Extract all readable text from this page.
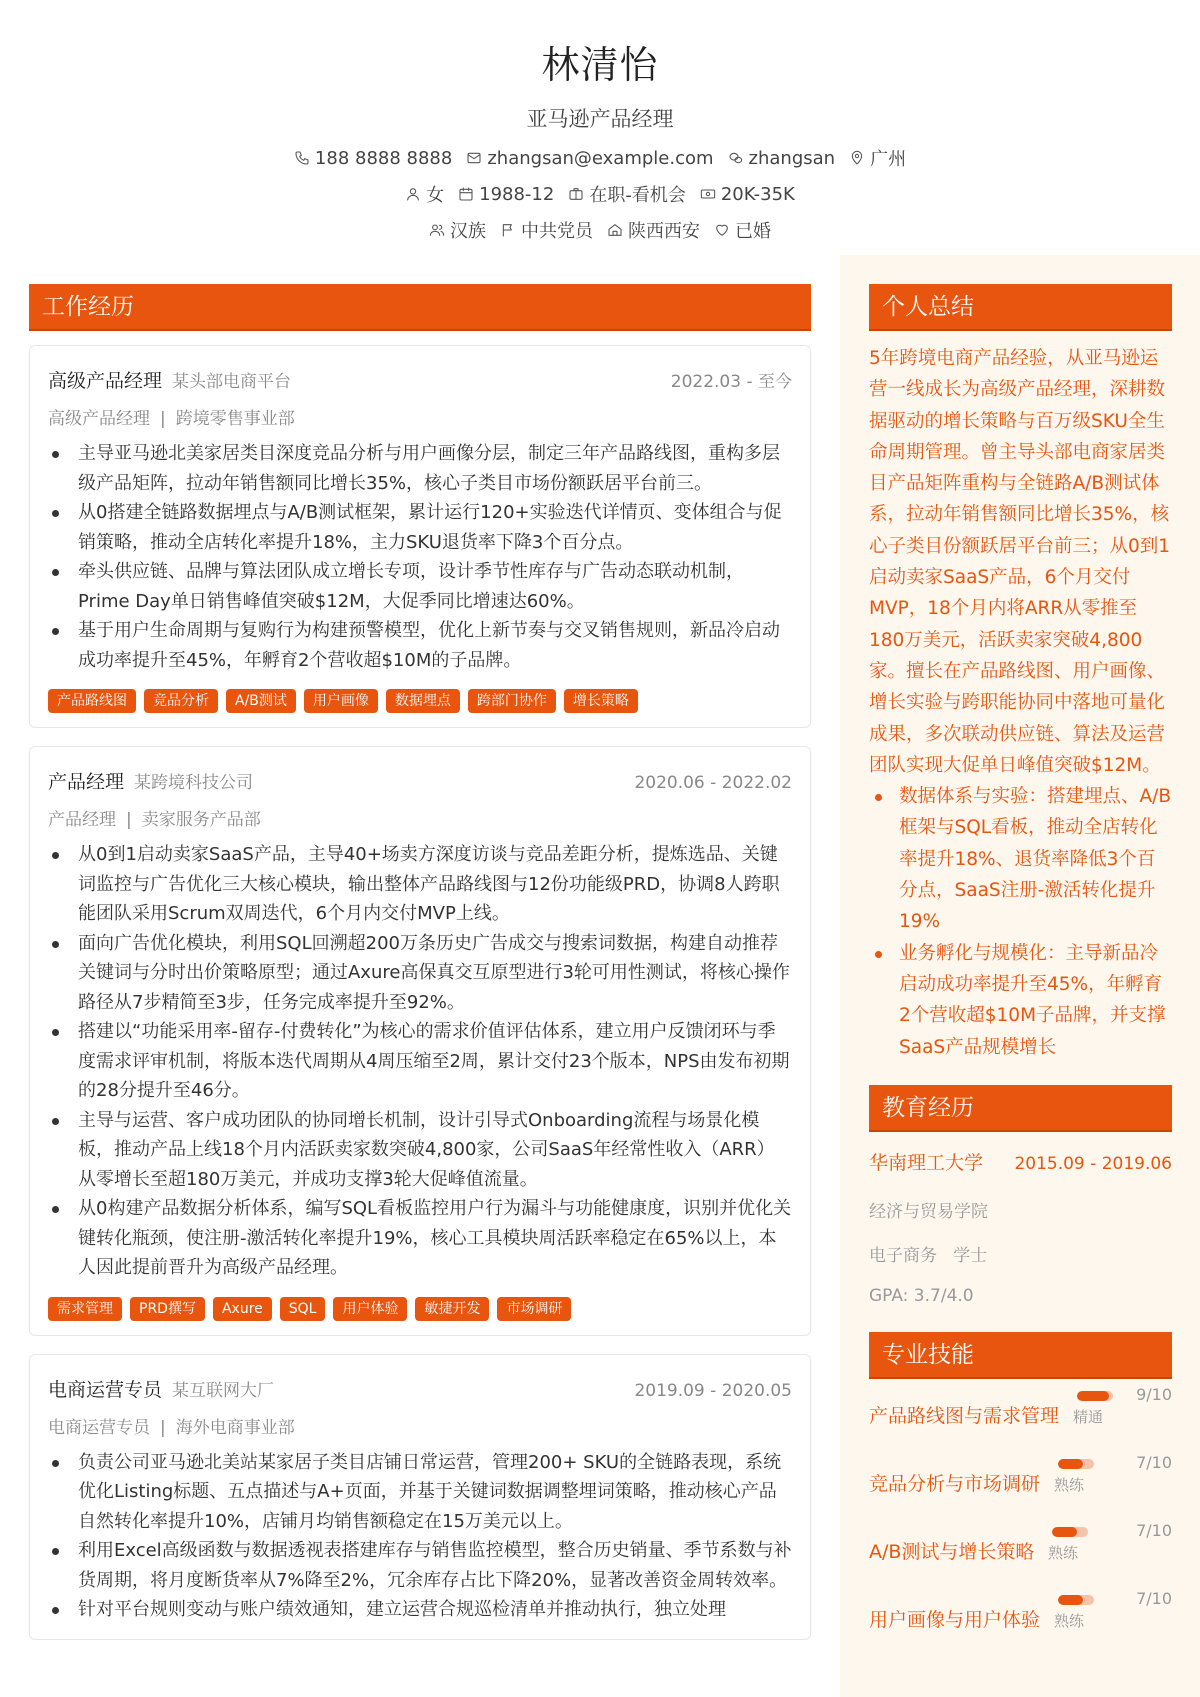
林清怡
亚马逊产品经理
188 8888 8888 zhangsan@example.com zhangsan 广州
女 1988-12 在职-看机会 20K-35K
汉族 中共党员 陕西西安 已婚
工作经历
高级产品经理 某头部电商平台	2022.03 - 至今
高级产品经理 | 跨境零售事业部
主导亚马逊北美家居类目深度竞品分析与用户画像分层，制定三年产品路线图，重构多层级产品矩阵，拉动年销售额同比增长35%，核心子类目市场份额跃居平台前三。
从0搭建全链路数据埋点与A/B测试框架，累计运行120+实验迭代详情页、变体组合与促销策略，推动全店转化率提升18%，主力SKU退货率下降3个百分点。
牵头供应链、品牌与算法团队成立增长专项，设计季节性库存与广告动态联动机制，Prime Day单日销售峰值突破$12M，大促季同比增速达60%。
基于用户生命周期与复购行为构建预警模型，优化上新节奏与交叉销售规则，新品冷启动成功率提升至45%，年孵育2个营收超$10M的子品牌。
产品路线图	竞品分析	A/B测试	用户画像	数据埋点	跨部门协作	增长策略
产品经理 某跨境科技公司	2020.06 - 2022.02
产品经理 | 卖家服务产品部
从0到1启动卖家SaaS产品，主导40+场卖方深度访谈与竞品差距分析，提炼选品、关键词监控与广告优化三大核心模块，输出整体产品路线图与12份功能级PRD，协调8人跨职能团队采用Scrum双周迭代，6个月内交付MVP上线。
面向广告优化模块，利用SQL回溯超200万条历史广告成交与搜索词数据，构建自动推荐关键词与分时出价策略原型；通过Axure高保真交互原型进行3轮可用性测试，将核心操作路径从7步精简至3步，任务完成率提升至92%。
搭建以“功能采用率-留存-付费转化”为核心的需求价值评估体系，建立用户反馈闭环与季度需求评审机制，将版本迭代周期从4周压缩至2周，累计交付23个版本，NPS由发布初期的28分提升至46分。
主导与运营、客户成功团队的协同增长机制，设计引导式Onboarding流程与场景化模板，推动产品上线18个月内活跃卖家数突破4,800家，公司SaaS年经常性收入（ARR）从零增长至超180万美元，并成功支撑3轮大促峰值流量。
从0构建产品数据分析体系，编写SQL看板监控用户行为漏斗与功能健康度，识别并优化关键转化瓶颈，使注册-激活转化率提升19%，核心工具模块周活跃率稳定在65%以上，本人因此提前晋升为高级产品经理。
需求管理	PRD撰写	Axure	SQL	用户体验	敏捷开发	市场调研
电商运营专员 某互联网大厂	2019.09 - 2020.05
电商运营专员 | 海外电商事业部
负责公司亚马逊北美站某家居子类目店铺日常运营，管理200+ SKU的全链路表现，系统优化Listing标题、五点描述与A+页面，并基于关键词数据调整埋词策略，推动核心产品自然转化率提升10%，店铺月均销售额稳定在15万美元以上。
利用Excel高级函数与数据透视表搭建库存与销售监控模型，整合历史销量、季节系数与补货周期，将月度断货率从7%降至2%，冗余库存占比下降20%，显著改善资金周转效率。
针对平台规则变动与账户绩效通知，建立运营合规巡检清单并推动执行，独立处理
个人总结
5年跨境电商产品经验，从亚马逊运营一线成长为高级产品经理，深耕数据驱动的增长策略与百万级SKU全生命周期管理。曾主导头部电商家居类目产品矩阵重构与全链路A/B测试体系，拉动年销售额同比增长35%，核心子类目份额跃居平台前三；从0到1启动卖家SaaS产品，6个月交付MVP，18个月内将ARR从零推至180万美元，活跃卖家突破4,800家。擅长在产品路线图、用户画像、增长实验与跨职能协同中落地可量化成果，多次联动供应链、算法及运营团队实现大促单日峰值突破$12M。
数据体系与实验：搭建埋点、A/B框架与SQL看板，推动全店转化率提升18%、退货率降低3个百分点，SaaS注册-激活转化提升19%
业务孵化与规模化：主导新品冷启动成功率提升至45%，年孵育2个营收超$10M子品牌，并支撑SaaS产品规模增长
教育经历
华南理工大学 2015.09 - 2019.06
经济与贸易学院
电子商务 学士
GPA: 3.7/4.0
专业技能
产品路线图与需求管理 精通
9/10
竞品分析与市场调研 熟练
7/10
A/B测试与增长策略 熟练
7/10
用户画像与用户体验 熟练
7/10
